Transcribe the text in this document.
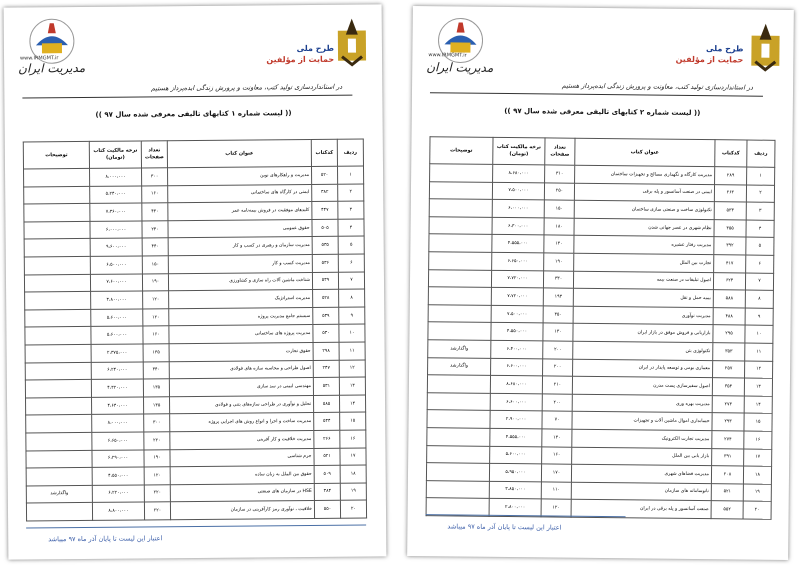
طرح ملی
حمایت از مؤلفین
www.IRMGMT.ir
مدیریت ایران
در استانداردسازی تولید کتب، معاونت و پرورش زندگی ایده‌پرداز هستیم
(( لیست شماره ۱ کتابهای تالیفی معرفی شده سال ۹۷ ))
ردیف	کدکتاب	عنوان کتاب	تعداد صفحات	ترخه مالکیت کتاب (تومان)	توضیحات
۱	۵۲۰	مدیریت و راهکارهای نوین	۳۰۰	۸،۰۰۰،۰۰۰	
۲	۳۸۲	ایمنی در کارگاه های ساختمانی	۱۶۰	۵،۲۴۰،۰۰۰	
۳	۴۴۷	کلیدهای موفقیت در فروش بیمه‌نامه عمر	۴۳۰	۷،۳۶۰،۰۰۰	
۴	۵۰۵	حقوق عمومی	۲۴۰	۶،۰۰۰،۰۰۰	
۵	۵۳۵	مدیریت سازمان و رهبری در کسب و کار	۴۴۰	۹،۶۰۰،۰۰۰	
۶	۵۳۶	مدیریت کسب و کار	۱۵۰	۶،۵۰۰،۰۰۰	
۷	۵۳۹	شناخت ماشین آلات راه سازی و کشاورزی	۱۹۰	۷،۶۰۰،۰۰۰	
۸	۵۲۸	مدیریت استراتژیک	۱۲۰	۳،۸۰۰،۰۰۰	
۹	۵۳۹	سیستم جامع مدیریت پروژه	۱۲۰	۵،۶۰۰،۰۰۰	
۱۰	۵۳۰	مدیریت پروژه های ساختمانی	۱۶۰	۵،۶۰۰،۰۰۰	
۱۱	۲۹۸	حقوق تجارت	۱۳۵	۲،۳۷۵،۰۰۰	
۱۲	۲۴۷	اصول طراحی و محاسبه سازه های فولادی	۳۴۰	۶،۲۴۰،۰۰۰	
۱۳	۵۳۱	مهندسی ایمنی در سد سازی	۱۳۵	۴،۳۲۰،۰۰۰	
۱۴	۵۸۵	تحلیل و نوآوری در طراحی سازه‌های بتنی و فولادی	۱۳۵	۴،۶۴۰،۰۰۰	
۱۵	۵۳۴	مدیریت ساخت و اجرا و انواع روش های اجرایی پروژه	۳۰۰	۸،۰۰۰،۰۰۰	
۱۶	۲۶۶	مدیریت خلاقیت و کار آفرینی	۲۲۰	۶،۶۵۰،۰۰۰	
۱۷	۵۲۱	جرم شناسی	۱۹۰	۶،۲۹۰،۰۰۰	
۱۸	۵۰۹	حقوق بین الملل به زبان ساده	۱۲۰	۴،۵۵۰،۰۰۰	
۱۹	۳۸۴	HSE در سازمان های صنعتی	۲۲۰	۶،۲۲۰،۰۰۰	واگذارشد
۲۰	۵۵۰	خلاقیت ، نوآوری رمز کارآفرینی در سازمان	۲۲۰	۸،۸۰۰،۰۰۰	
اعتبار این لیست تا پایان آذر ماه ۹۷ میباشد
طرح ملی
حمایت از مؤلفین
www.IRMGMT.ir
مدیریت ایران
در استانداردسازی تولید کتب، معاونت و پرورش زندگی ایده‌پرداز هستیم
(( لیست شماره ۲ کتابهای تالیفی معرفی شده سال ۹۷ ))
ردیف	کدکتاب	عنوان کتاب	تعداد صفحات	ترخه مالکیت کتاب (تومان)	توضیحات
۱	۲۸۹	مدیریت کارگاه و نگهداری مصالح و تجهیزات ساختمان	۳۱۰	۸،۶۸۰،۰۰۰	
۲	۲۶۲	ایمنی در صنعت آسانسور و پله برقی	۲۵۰	۷،۵۰۰،۰۰۰	
۳	۵۳۳	تکنولوژی ساخت و صنعتی سازی ساختمان	۱۵۰	۶،۰۰۰،۰۰۰	
۴	۳۵۵	نظام شهری در عصر جهانی شدن	۱۸۰	۶،۳۰۰،۰۰۰	
۵	۳۹۲	مدیریت رفتار عشیره	۱۳۰	۴،۵۵۵،۰۰۰	
۶	۴۱۷	تجارت بین الملل	۱۹۰	۶،۶۵۰،۰۰۰	
۷	۶۲۴	اصول تبلیغات در صنعت بیمه	۳۳۰	۷،۷۲۰،۰۰۰	
۸	۵۸۸	بیمه حمل و نقل	۱۹۳	۷،۷۲۰،۰۰۰	
۹	۴۸۸	مدیریت نوآوری	۳۵۰	۷،۵۰۰،۰۰۰	
۱۰	۲۹۵	بازاریابی و فروش موفق در بازار ایران	۱۳۰	۴،۵۵۰،۰۰۰	
۱۱	۳۵۳	تکنولوژی بتن	۲۰۰	۶،۴۰۰،۰۰۰	واگذارشد
۱۲	۲۵۷	معماری بومی و توسعه پایدار در ایران	۲۰۰	۶،۶۰۰،۰۰۰	واگذارشد
۱۳	۳۵۴	اصول سفیرسازی پست مدرن	۲۱۰	۸،۶۸۰،۰۰۰	
۱۴	۲۷۳	مدیریت بهره وری	۲۰۰	۶،۶۰۰،۰۰۰	
۱۵	۲۹۳	حسابداری اموال ماشین آلات و تجهیزات	۷۰	۲،۹۰۰،۰۰۰	
۱۶	۲۷۴	مدیریت تجارت الکترونیک	۱۳۰	۴،۵۵۵،۰۰۰	
۱۷	۳۹۱	بازار یابی بین الملل	۱۶۰	۵،۶۰۰،۰۰۰	
۱۸	۲۰۸	مدیریت فضاهای شهری	۱۷۰	۵،۹۵۰،۰۰۰	
۱۹	۵۲۱	نانوسامانه های سازمان	۱۱۰	۳،۸۵۰،۰۰۰	
۲۰	۵۵۲	صنعت آسانسور و پله برقی در ایران	۱۲۰	۲،۸۰۰،۰۰۰	
اعتبار این لیست تا پایان آذر ماه ۹۷ میباشد
